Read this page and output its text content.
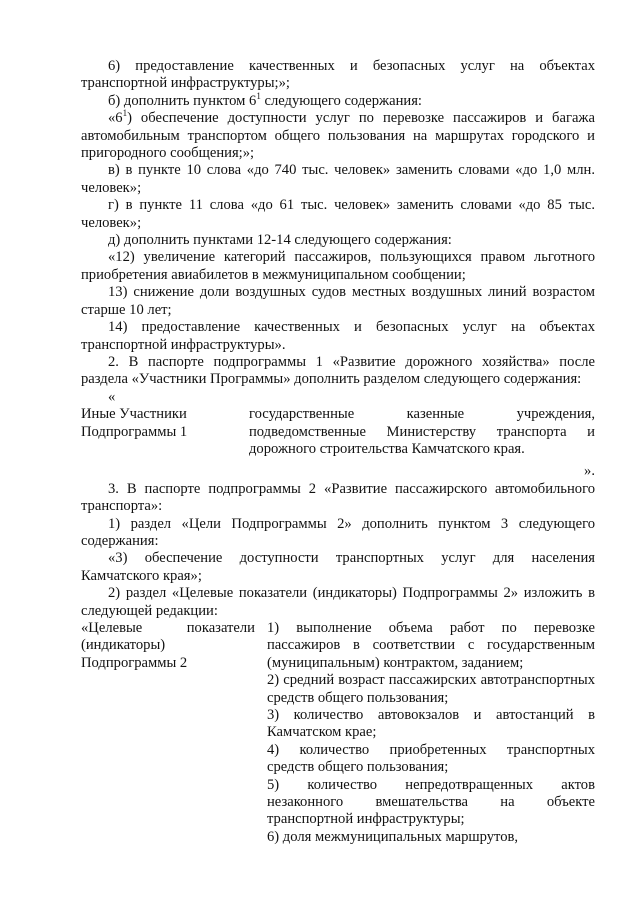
6) предоставление качественных и безопасных услуг на объектах транспортной инфраструктуры;»;

б) дополнить пунктом $6^1$ следующего содержания:

«$6^1$) обеспечение доступности услуг по перевозке пассажиров и багажа автомобильным транспортом общего пользования на маршрутах городского и пригородного сообщения;»;

в) в пункте 10 слова «до 740 тыс. человек» заменить словами «до 1,0 млн. человек»;

г) в пункте 11 слова «до 61 тыс. человек» заменить словами «до 85 тыс. человек»;

д) дополнить пунктами 12-14 следующего содержания:

«12) увеличение категорий пассажиров, пользующихся правом льготного приобретения авиабилетов в межмуниципальном сообщении;

13) снижение доли воздушных судов местных воздушных линий возрастом старше 10 лет;

14) предоставление качественных и безопасных услуг на объектах транспортной инфраструктуры».

2. В паспорте подпрограммы 1 «Развитие дорожного хозяйства» после раздела «Участники Программы» дополнить разделом следующего содержания:

«

Иные Участники Подпрограммы 1

государственные казенные учреждения, подведомственные Министерству транспорта и дорожного строительства Камчатского края.

».

3. В паспорте подпрограммы 2 «Развитие пассажирского автомобильного транспорта»:

1) раздел «Цели Подпрограммы 2» дополнить пунктом 3 следующего содержания:

«3) обеспечение доступности транспортных услуг для населения Камчатского края»;

2) раздел «Целевые показатели (индикаторы) Подпрограммы 2» изложить в следующей редакции:

«Целевые показатели (индикаторы) Подпрограммы 2

1) выполнение объема работ по перевозке пассажиров в соответствии с государственным (муниципальным) контрактом, заданием;

2) средний возраст пассажирских автотранспортных средств общего пользования;

3) количество автовокзалов и автостанций в Камчатском крае;

4) количество приобретенных транспортных средств общего пользования;

5) количество непредотвращенных актов незаконного вмешательства на объекте транспортной инфраструктуры;

6) доля межмуниципальных маршрутов,
